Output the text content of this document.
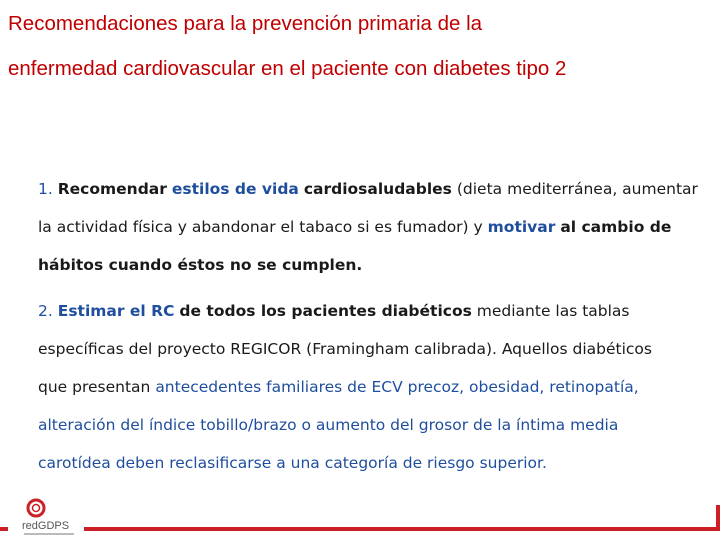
Recomendaciones para la prevención primaria de la
enfermedad cardiovascular en el paciente con diabetes tipo 2
1. Recomendar estilos de vida cardiosaludables (dieta mediterránea, aumentar
la actividad física y abandonar el tabaco si es fumador) y motivar al cambio de
hábitos cuando éstos no se cumplen.
2. Estimar el RC de todos los pacientes diabéticos mediante las tablas
específicas del proyecto REGICOR (Framingham calibrada). Aquellos diabéticos
que presentan antecedentes familiares de ECV precoz, obesidad, retinopatía,
alteración del índice tobillo/brazo o aumento del grosor de la íntima media
carotídea deben reclasificarse a una categoría de riesgo superior.
redGDPS
